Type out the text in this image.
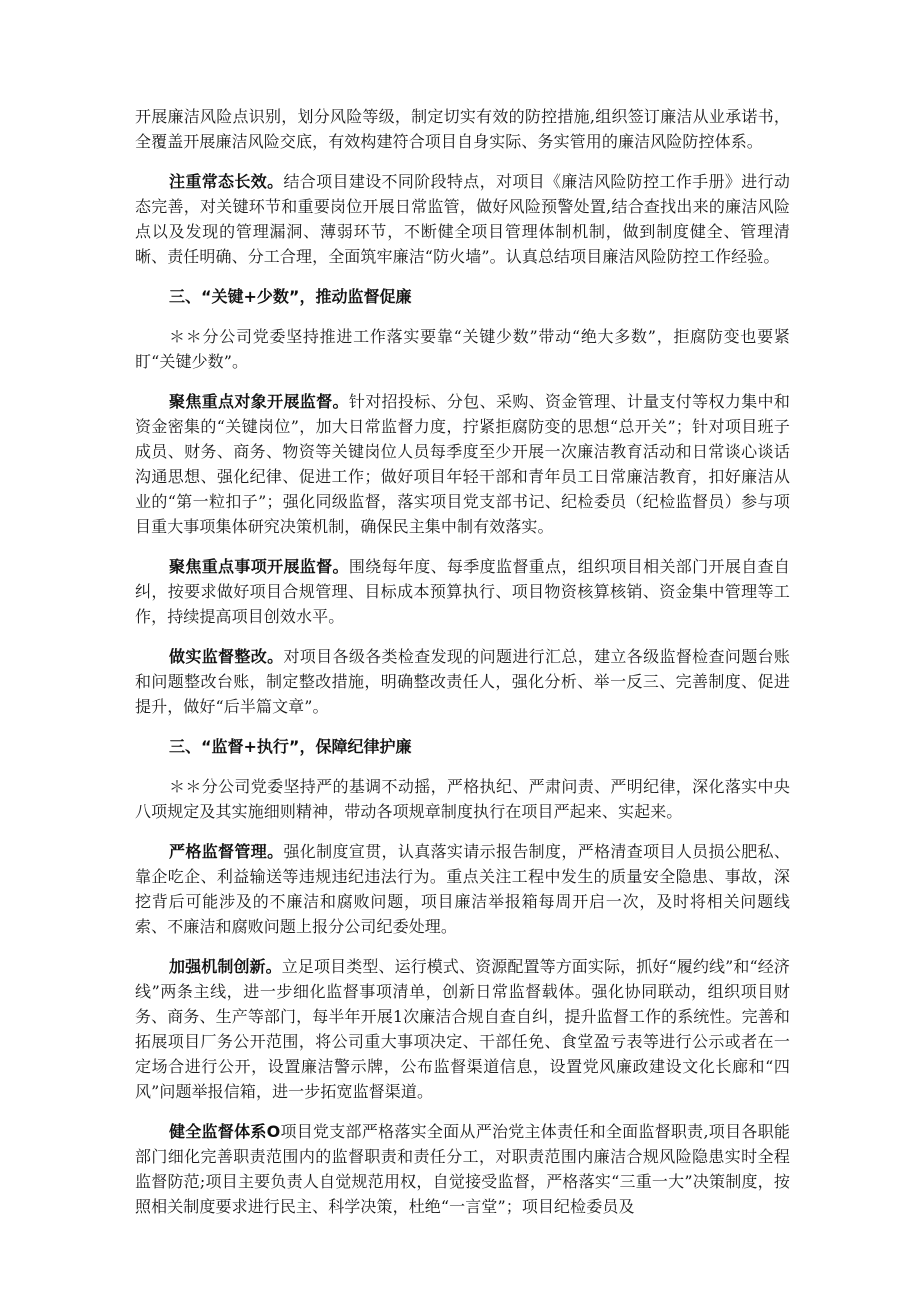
开展廉洁风险点识别，划分风险等级，制定切实有效的防控措施,组织签订廉洁从业承诺书，全覆盖开展廉洁风险交底，有效构建符合项目自身实际、务实管用的廉洁风险防控体系。

注重常态长效。结合项目建设不同阶段特点，对项目《廉洁风险防控工作手册》进行动态完善，对关键环节和重要岗位开展日常监管，做好风险预警处置,结合查找出来的廉洁风险点以及发现的管理漏洞、薄弱环节，不断健全项目管理体制机制，做到制度健全、管理清晰、责任明确、分工合理，全面筑牢廉洁“防火墙”。认真总结项目廉洁风险防控工作经验。

三、“关键+少数”，推动监督促廉

＊＊分公司党委坚持推进工作落实要靠“关键少数”带动“绝大多数”，拒腐防变也要紧盯“关键少数”。

聚焦重点对象开展监督。针对招投标、分包、采购、资金管理、计量支付等权力集中和资金密集的“关键岗位”，加大日常监督力度，拧紧拒腐防变的思想“总开关”；针对项目班子成员、财务、商务、物资等关键岗位人员每季度至少开展一次廉洁教育活动和日常谈心谈话沟通思想、强化纪律、促进工作；做好项目年轻干部和青年员工日常廉洁教育，扣好廉洁从业的“第一粒扣子”；强化同级监督，落实项目党支部书记、纪检委员（纪检监督员）参与项目重大事项集体研究决策机制，确保民主集中制有效落实。

聚焦重点事项开展监督。围绕每年度、每季度监督重点，组织项目相关部门开展自查自纠，按要求做好项目合规管理、目标成本预算执行、项目物资核算核销、资金集中管理等工作，持续提高项目创效水平。

做实监督整改。对项目各级各类检查发现的问题进行汇总，建立各级监督检查问题台账和问题整改台账，制定整改措施，明确整改责任人，强化分析、举一反三、完善制度、促进提升，做好“后半篇文章”。

三、“监督+执行”，保障纪律护廉

＊＊分公司党委坚持严的基调不动摇，严格执纪、严肃问责、严明纪律，深化落实中央八项规定及其实施细则精神，带动各项规章制度执行在项目严起来、实起来。

严格监督管理。强化制度宣贯，认真落实请示报告制度，严格清查项目人员损公肥私、靠企吃企、利益输送等违规违纪违法行为。重点关注工程中发生的质量安全隐患、事故，深挖背后可能涉及的不廉洁和腐败问题，项目廉洁举报箱每周开启一次，及时将相关问题线索、不廉洁和腐败问题上报分公司纪委处理。

加强机制创新。立足项目类型、运行模式、资源配置等方面实际，抓好“履约线”和“经济线”两条主线，进一步细化监督事项清单，创新日常监督载体。强化协同联动，组织项目财务、商务、生产等部门，每半年开展1次廉洁合规自查自纠，提升监督工作的系统性。完善和拓展项目厂务公开范围，将公司重大事项决定、干部任免、食堂盈亏表等进行公示或者在一定场合进行公开，设置廉洁警示牌，公布监督渠道信息，设置党风廉政建设文化长廊和“四风”问题举报信箱，进一步拓宽监督渠道。

健全监督体系O项目党支部严格落实全面从严治党主体责任和全面监督职责,项目各职能部门细化完善职责范围内的监督职责和责任分工，对职责范围内廉洁合规风险隐患实时全程监督防范;项目主要负责人自觉规范用权，自觉接受监督，严格落实“三重一大”决策制度，按照相关制度要求进行民主、科学决策，杜绝“一言堂”；项目纪检委员及
